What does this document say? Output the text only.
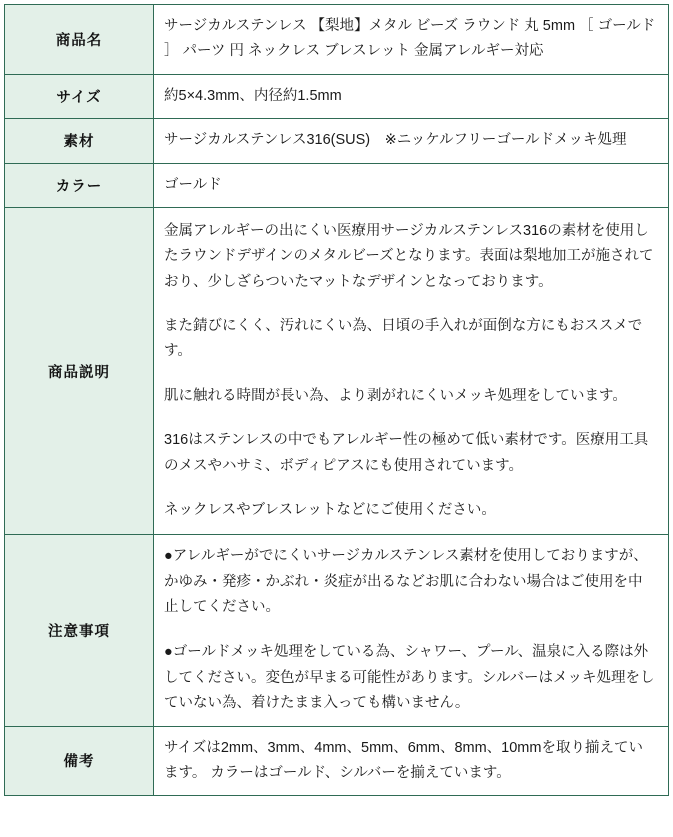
商品名	サージカルステンレス 【梨地】メタル ビーズ ラウンド 丸 5mm ［ ゴールド ］ パーツ 円 ネックレス ブレスレット 金属アレルギー対応

サイズ	約5×4.3mm、内径約1.5mm

素材	サージカルステンレス316(SUS)　※ニッケルフリーゴールドメッキ処理

カラー	ゴールド

商品説明	金属アレルギーの出にくい医療用サージカルステンレス316の素材を使用したラウンドデザインのメタルビーズとなります。表面は梨地加工が施されており、少しざらついたマットなデザインとなっております。

また錆びにくく、汚れにくい為、日頃の手入れが面倒な方にもおススメです。

肌に触れる時間が長い為、より剥がれにくいメッキ処理をしています。

316はステンレスの中でもアレルギー性の極めて低い素材です。医療用工具のメスやハサミ、ボディピアスにも使用されています。

ネックレスやブレスレットなどにご使用ください。

注意事項	●アレルギーがでにくいサージカルステンレス素材を使用しておりますが、かゆみ・発疹・かぶれ・炎症が出るなどお肌に合わない場合はご使用を中止してください。

●ゴールドメッキ処理をしている為、シャワー、プール、温泉に入る際は外してください。変色が早まる可能性があります。シルバーはメッキ処理をしていない為、着けたまま入っても構いません。

備考	サイズは2mm、3mm、4mm、5mm、6mm、8mm、10mmを取り揃えています。 カラーはゴールド、シルバーを揃えています。
